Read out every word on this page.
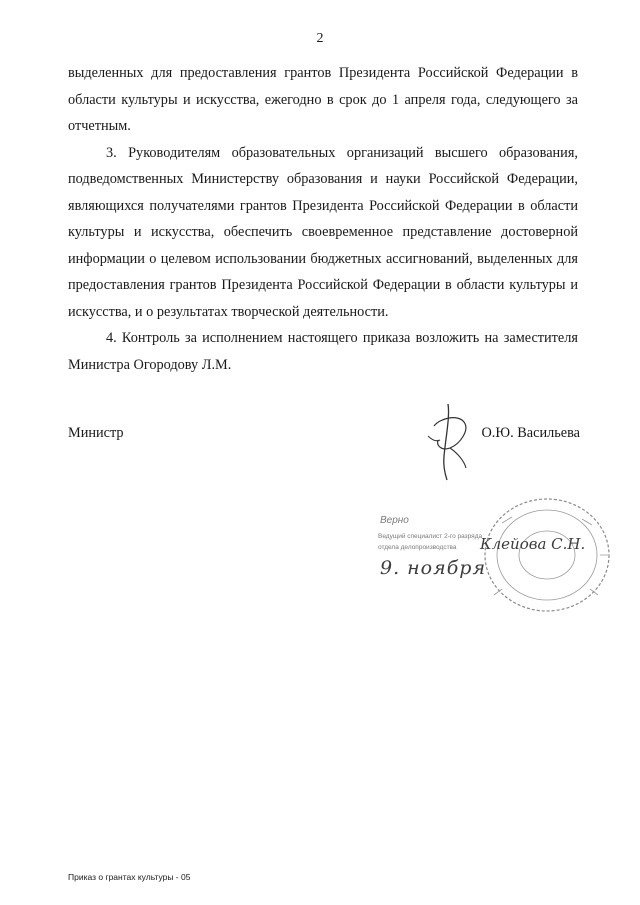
2

выделенных для предоставления грантов Президента Российской Федерации в области культуры и искусства, ежегодно в срок до 1 апреля года, следующего за отчетным.

3. Руководителям образовательных организаций высшего образования, подведомственных Министерству образования и науки Российской Федерации, являющихся получателями грантов Президента Российской Федерации в области культуры и искусства, обеспечить своевременное представление достоверной информации о целевом использовании бюджетных ассигнований, выделенных для предоставления грантов Президента Российской Федерации в области культуры и искусства, и о результатах творческой деятельности.

4. Контроль за исполнением настоящего приказа возложить на заместителя Министра Огородову Л.М.

Министр	О.Ю. Васильева
Верно
Ведущий специалист 2-го разряда
отдела делопроизводства
9. ноября
Клейова С.Н.
Приказ о грантах культуры - 05
